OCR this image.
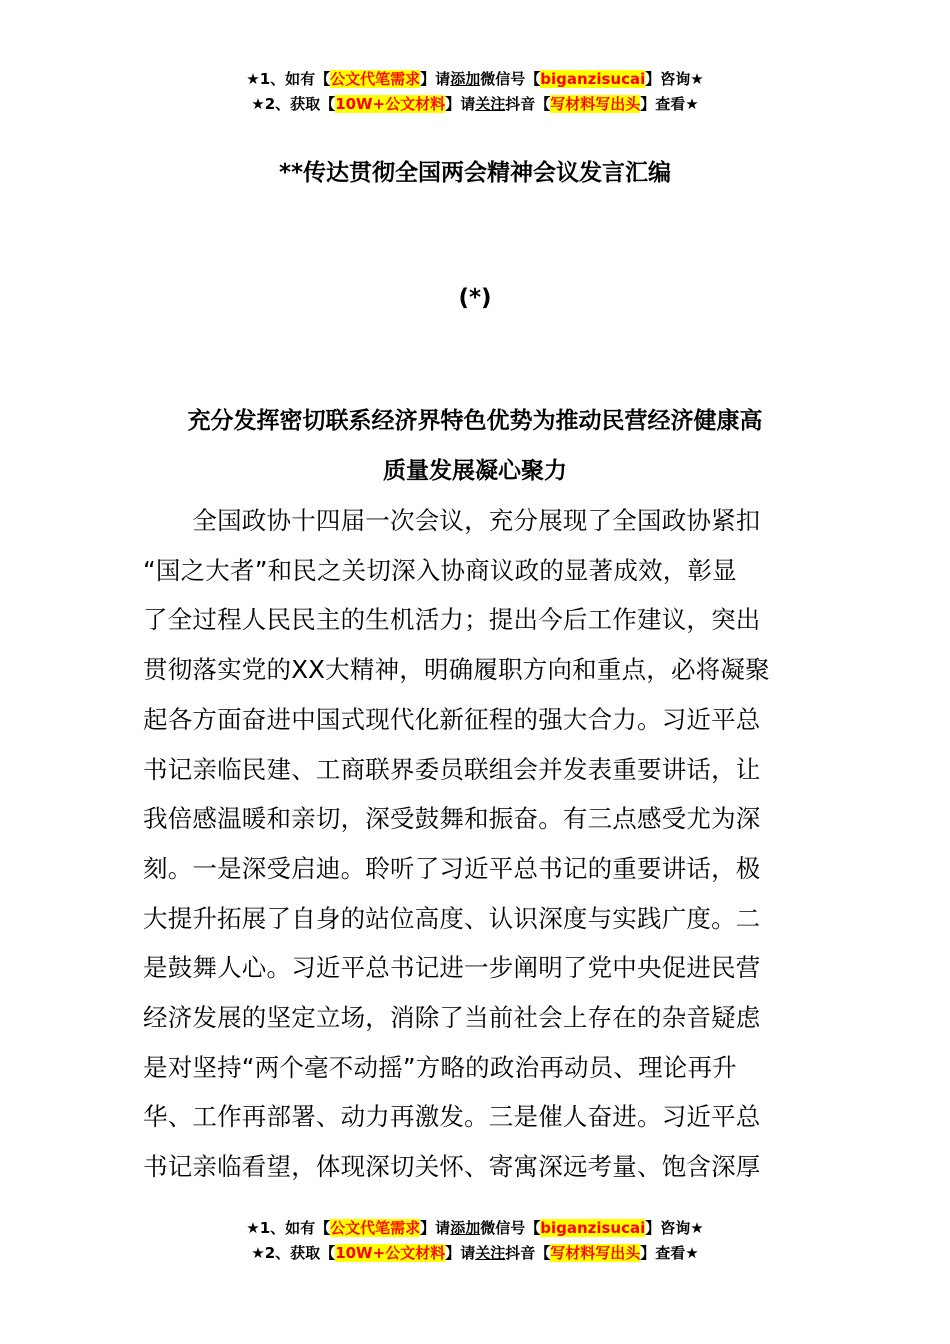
★1、如有【公文代笔需求】请添加微信号【biganzisucai】咨询★
★2、获取【10W+公文材料】请关注抖音【写材料写出头】查看★
**传达贯彻全国两会精神会议发言汇编
(*)
充分发挥密切联系经济界特色优势为推动民营经济健康高
质量发展凝心聚力
　　全国政协十四届一次会议，充分展现了全国政协紧扣
“国之大者”和民之关切深入协商议政的显著成效，彰显
了全过程人民民主的生机活力；提出今后工作建议，突出
贯彻落实党的XX大精神，明确履职方向和重点，必将凝聚
起各方面奋进中国式现代化新征程的强大合力。习近平总
书记亲临民建、工商联界委员联组会并发表重要讲话，让
我倍感温暖和亲切，深受鼓舞和振奋。有三点感受尤为深
刻。一是深受启迪。聆听了习近平总书记的重要讲话，极
大提升拓展了自身的站位高度、认识深度与实践广度。二
是鼓舞人心。习近平总书记进一步阐明了党中央促进民营
经济发展的坚定立场，消除了当前社会上存在的杂音疑虑
是对坚持“两个毫不动摇”方略的政治再动员、理论再升
华、工作再部署、动力再激发。三是催人奋进。习近平总
书记亲临看望，体现深切关怀、寄寓深远考量、饱含深厚
★1、如有【公文代笔需求】请添加微信号【biganzisucai】咨询★
★2、获取【10W+公文材料】请关注抖音【写材料写出头】查看★
